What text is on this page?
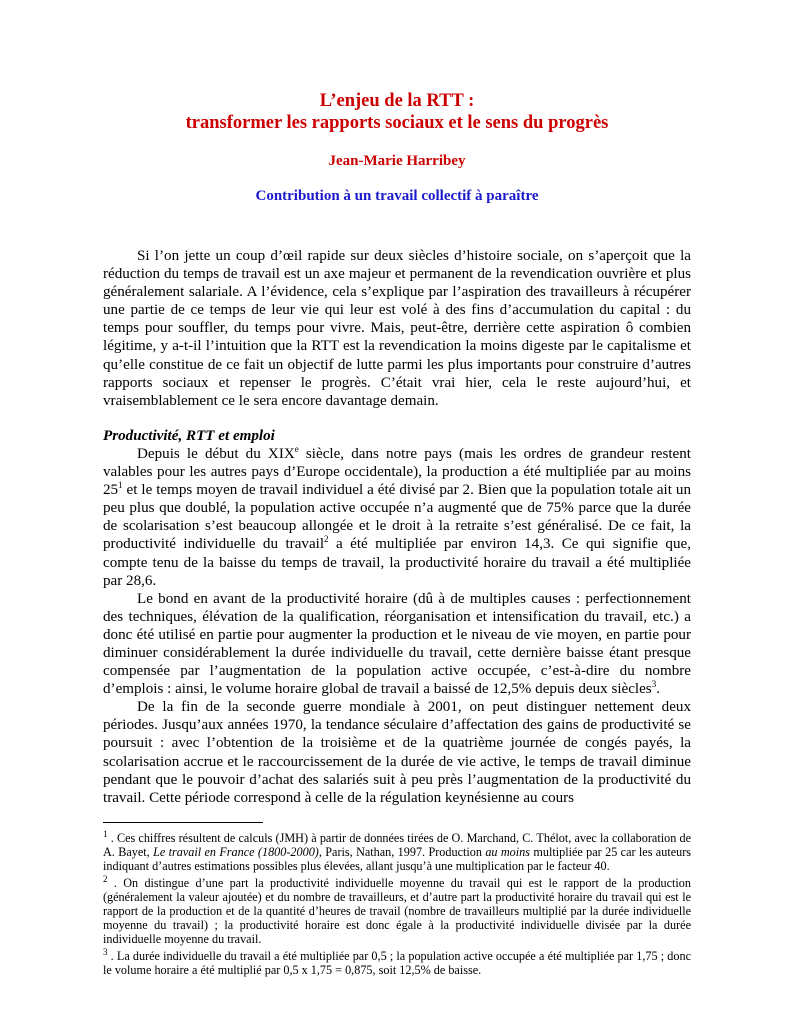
L’enjeu de la RTT :
transformer les rapports sociaux et le sens du progrès

Jean-Marie Harribey
Contribution à un travail collectif à paraître

Si l’on jette un coup d’œil rapide sur deux siècles d’histoire sociale, on s’aperçoit que la réduction du temps de travail est un axe majeur et permanent de la revendication ouvrière et plus généralement salariale. A l’évidence, cela s’explique par l’aspiration des travailleurs à récupérer une partie de ce temps de leur vie qui leur est volé à des fins d’accumulation du capital : du temps pour souffler, du temps pour vivre. Mais, peut-être, derrière cette aspiration ô combien légitime, y a-t-il l’intuition que la RTT est la revendication la moins digeste par le capitalisme et qu’elle constitue de ce fait un objectif de lutte parmi les plus importants pour construire d’autres rapports sociaux et repenser le progrès. C’était vrai hier, cela le reste aujourd’hui, et vraisemblablement ce le sera encore davantage demain.

Productivité, RTT et emploi

Depuis le début du XIXe siècle, dans notre pays (mais les ordres de grandeur restent valables pour les autres pays d’Europe occidentale), la production a été multipliée par au moins $25^1$ et le temps moyen de travail individuel a été divisé par 2. Bien que la population totale ait un peu plus que doublé, la population active occupée n’a augmenté que de 75% parce que la durée de scolarisation s’est beaucoup allongée et le droit à la retraite s’est généralisé. De ce fait, la productivité individuelle du travail$^2$ a été multipliée par environ 14,3. Ce qui signifie que, compte tenu de la baisse du temps de travail, la productivité horaire du travail a été multipliée par 28,6.

Le bond en avant de la productivité horaire (dû à de multiples causes : perfectionnement des techniques, élévation de la qualification, réorganisation et intensification du travail, etc.) a donc été utilisé en partie pour augmenter la production et le niveau de vie moyen, en partie pour diminuer considérablement la durée individuelle du travail, cette dernière baisse étant presque compensée par l’augmentation de la population active occupée, c’est-à-dire du nombre d’emplois : ainsi, le volume horaire global de travail a baissé de 12,5% depuis deux siècles$^3$.

De la fin de la seconde guerre mondiale à 2001, on peut distinguer nettement deux périodes. Jusqu’aux années 1970, la tendance séculaire d’affectation des gains de productivité se poursuit : avec l’obtention de la troisième et de la quatrième journée de congés payés, la scolarisation accrue et le raccourcissement de la durée de vie active, le temps de travail diminue pendant que le pouvoir d’achat des salariés suit à peu près l’augmentation de la productivité du travail. Cette période correspond à celle de la régulation keynésienne au cours

$^1$ . Ces chiffres résultent de calculs (JMH) à partir de données tirées de O. Marchand, C. Thélot, avec la collaboration de A. Bayet, Le travail en France (1800-2000), Paris, Nathan, 1997. Production au moins multipliée par 25 car les auteurs indiquant d’autres estimations possibles plus élevées, allant jusqu’à une multiplication par le facteur 40.

$^2$ . On distingue d’une part la productivité individuelle moyenne du travail qui est le rapport de la production (généralement la valeur ajoutée) et du nombre de travailleurs, et d’autre part la productivité horaire du travail qui est le rapport de la production et de la quantité d’heures de travail (nombre de travailleurs multiplié par la durée individuelle moyenne du travail) ; la productivité horaire est donc égale à la productivité individuelle divisée par la durée individuelle moyenne du travail.

$^3$ . La durée individuelle du travail a été multipliée par 0,5 ; la population active occupée a été multipliée par 1,75 ; donc le volume horaire a été multiplié par 0,5 x 1,75 = 0,875, soit 12,5% de baisse.
